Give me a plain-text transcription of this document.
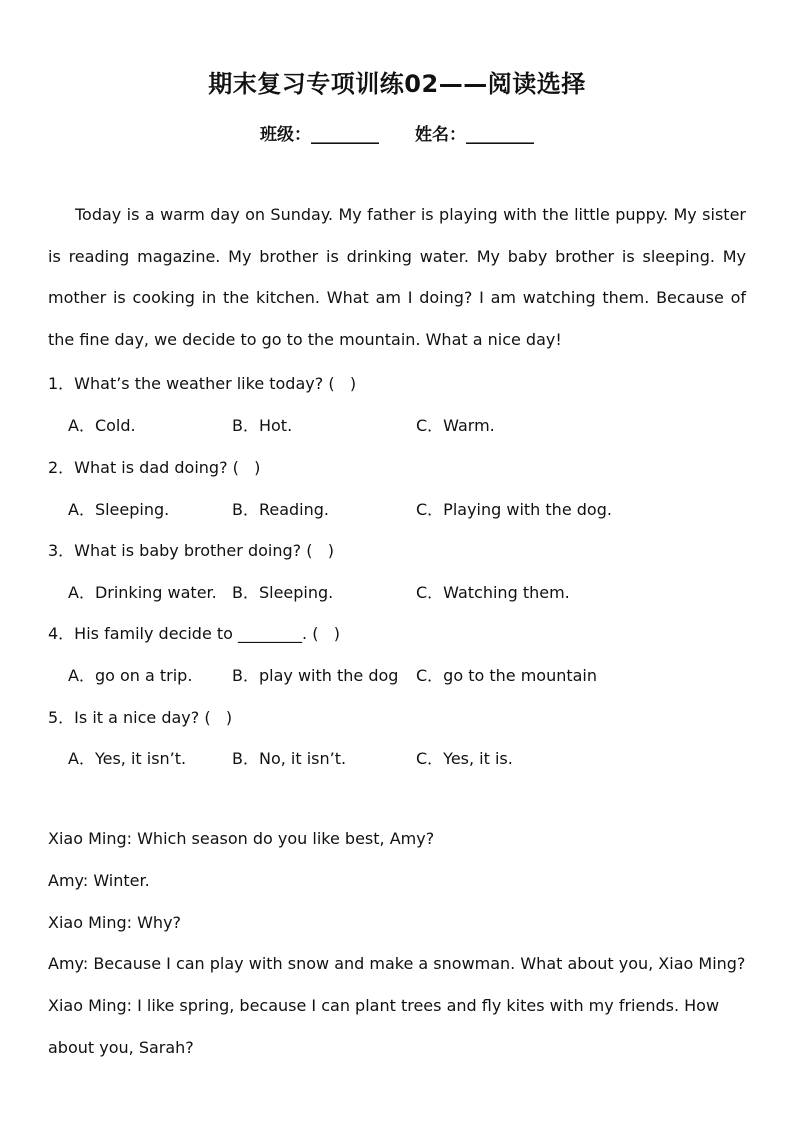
期末复习专项训练02——阅读选择
班级：________ 姓名：________

Today is a warm day on Sunday. My father is playing with the little puppy. My sister is reading magazine. My brother is drinking water. My baby brother is sleeping. My mother is cooking in the kitchen. What am I doing? I am watching them. Because of the fine day, we decide to go to the mountain. What a nice day!

1．What’s the weather like today? (   )
A．Cold.	B．Hot.	C．Warm.
2．What is dad doing? (   )
A．Sleeping.	B．Reading.	C．Playing with the dog.
3．What is baby brother doing? (   )
A．Drinking water. B．Sleeping.	C．Watching them.
4．His family decide to ________. (   )
A．go on a trip. B．play with the dog C．go to the mountain
5．Is it a nice day? (   )
A．Yes, it isn’t.	B．No, it isn’t.	C．Yes, it is.

Xiao Ming: Which season do you like best, Amy?

Amy: Winter.

Xiao Ming: Why?

Amy: Because I can play with snow and make a snowman. What about you, Xiao Ming?

Xiao Ming: I like spring, because I can plant trees and fly kites with my friends. How about you, Sarah?
